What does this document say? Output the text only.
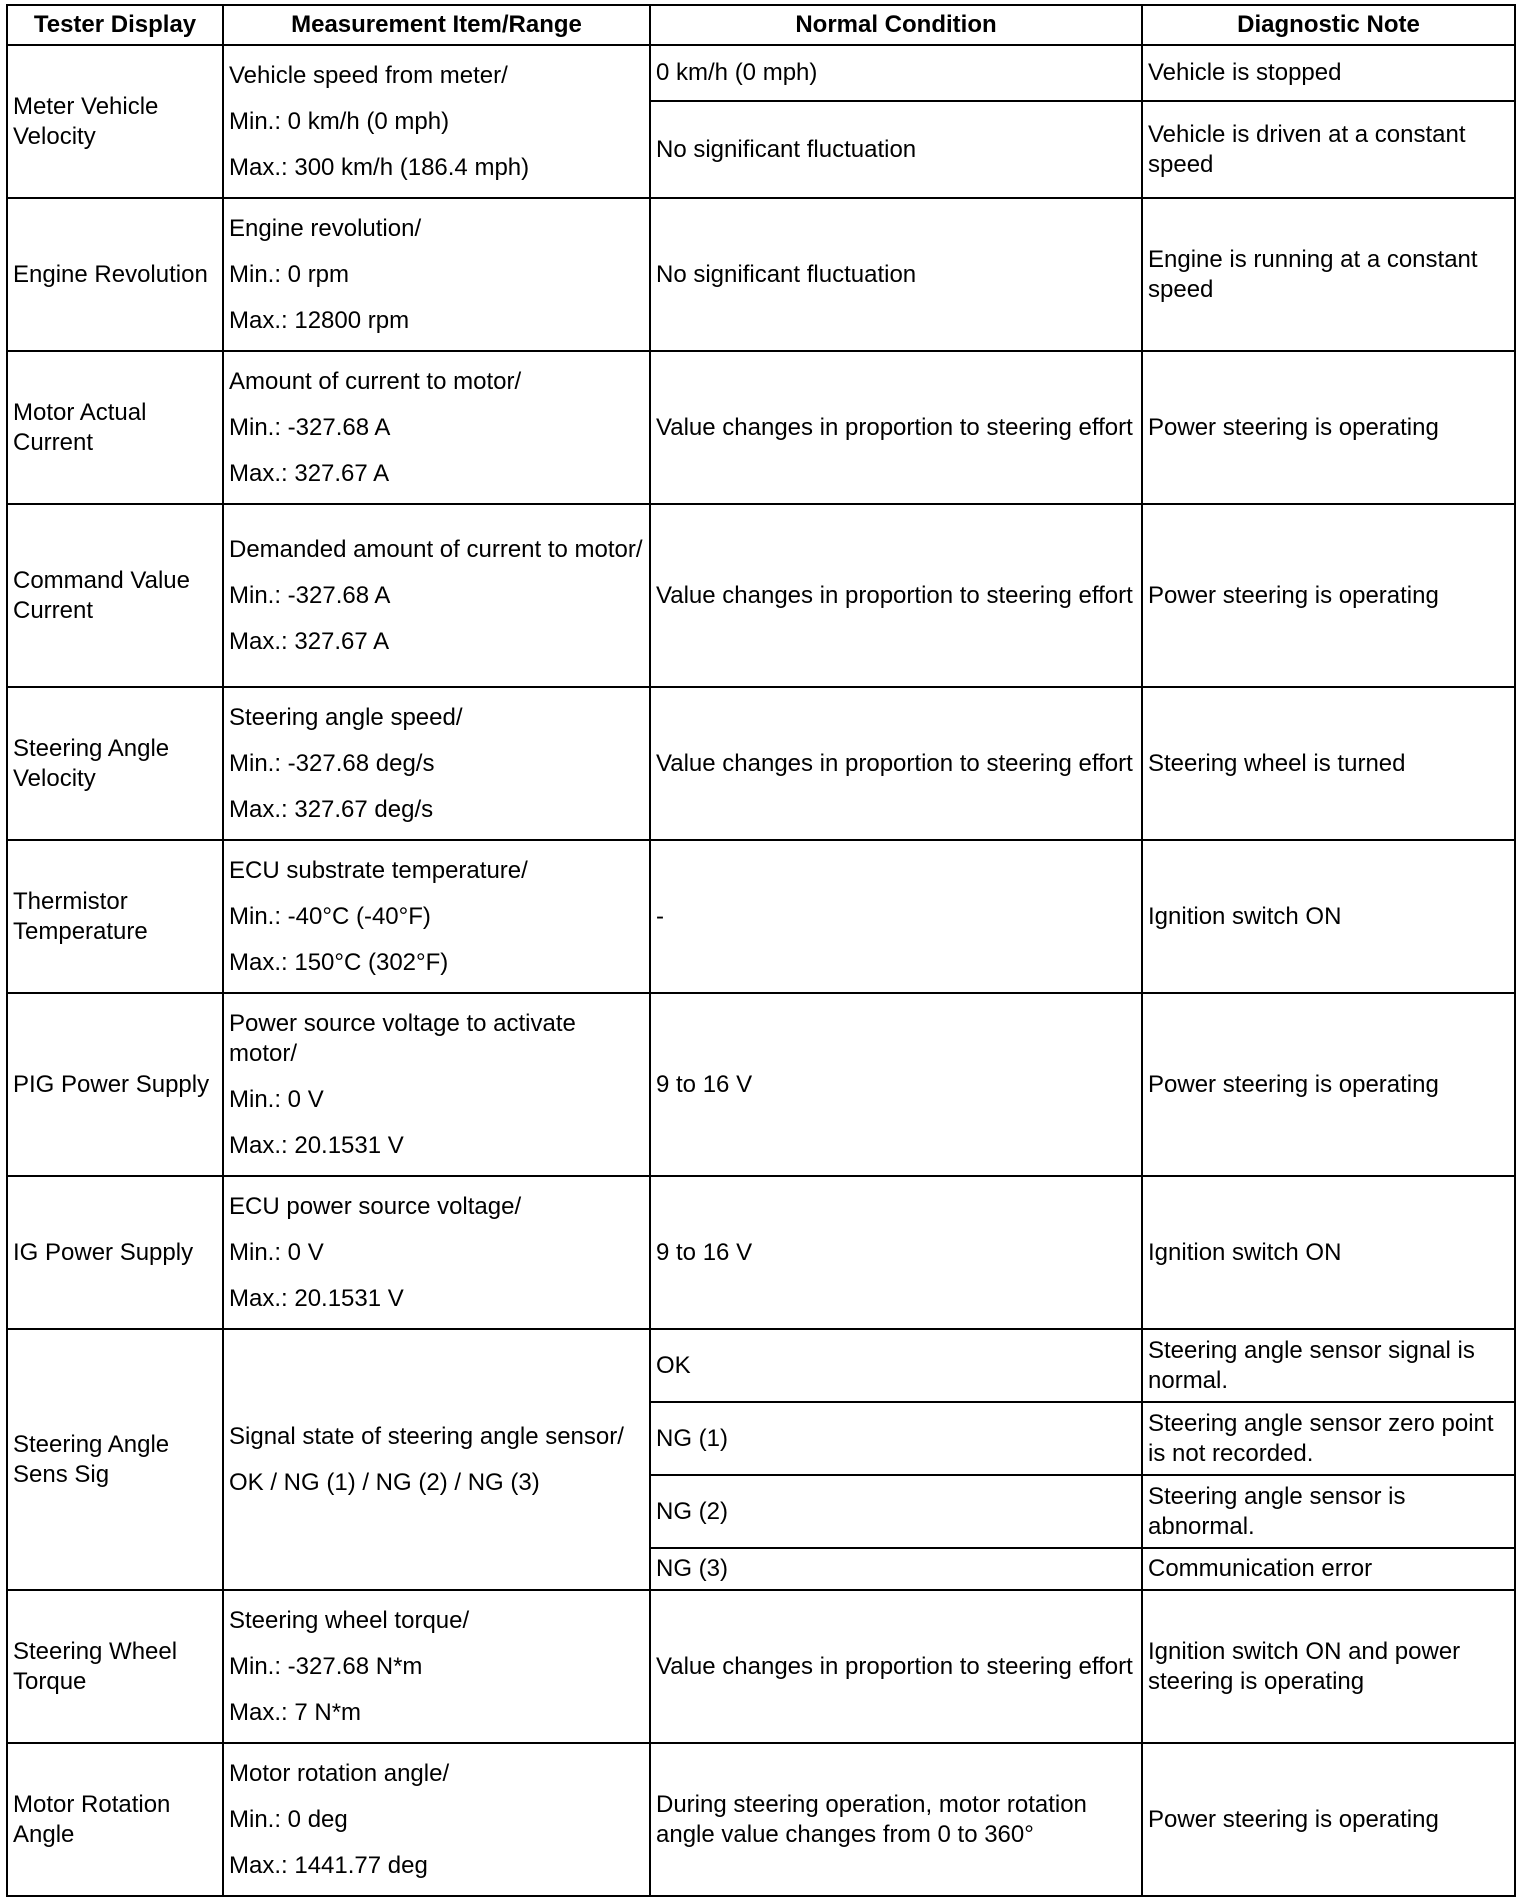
Tester Display	Measurement Item/Range	Normal Condition	Diagnostic Note
Meter Vehicle Velocity	Vehicle speed from meter/

Min.: 0 km/h (0 mph)

Max.: 300 km/h (186.4 mph)	0 km/h (0 mph)	Vehicle is stopped
		No significant fluctuation	Vehicle is driven at a constant speed
Engine Revolution	Engine revolution/

Min.: 0 rpm

Max.: 12800 rpm	No significant fluctuation	Engine is running at a constant speed
Motor Actual Current	Amount of current to motor/

Min.: -327.68 A

Max.: 327.67 A	Value changes in proportion to steering effort	Power steering is operating
Command Value Current	Demanded amount of current to motor/

Min.: -327.68 A

Max.: 327.67 A	Value changes in proportion to steering effort	Power steering is operating
Steering Angle Velocity	Steering angle speed/

Min.: -327.68 deg/s

Max.: 327.67 deg/s	Value changes in proportion to steering effort	Steering wheel is turned
Thermistor Temperature	ECU substrate temperature/

Min.: -40°C (-40°F)

Max.: 150°C (302°F)	-	Ignition switch ON
PIG Power Supply	Power source voltage to activate motor/

Min.: 0 V

Max.: 20.1531 V	9 to 16 V	Power steering is operating
IG Power Supply	ECU power source voltage/

Min.: 0 V

Max.: 20.1531 V	9 to 16 V	Ignition switch ON
Steering Angle Sens Sig	Signal state of steering angle sensor/

OK / NG (1) / NG (2) / NG (3)	OK	Steering angle sensor signal is normal.
		NG (1)	Steering angle sensor zero point is not recorded.
		NG (2)	Steering angle sensor is abnormal.
		NG (3)	Communication error
Steering Wheel Torque	Steering wheel torque/

Min.: -327.68 N*m

Max.: 7 N*m	Value changes in proportion to steering effort	Ignition switch ON and power steering is operating
Motor Rotation Angle	Motor rotation angle/

Min.: 0 deg

Max.: 1441.77 deg	During steering operation, motor rotation angle value changes from 0 to 360°	Power steering is operating
